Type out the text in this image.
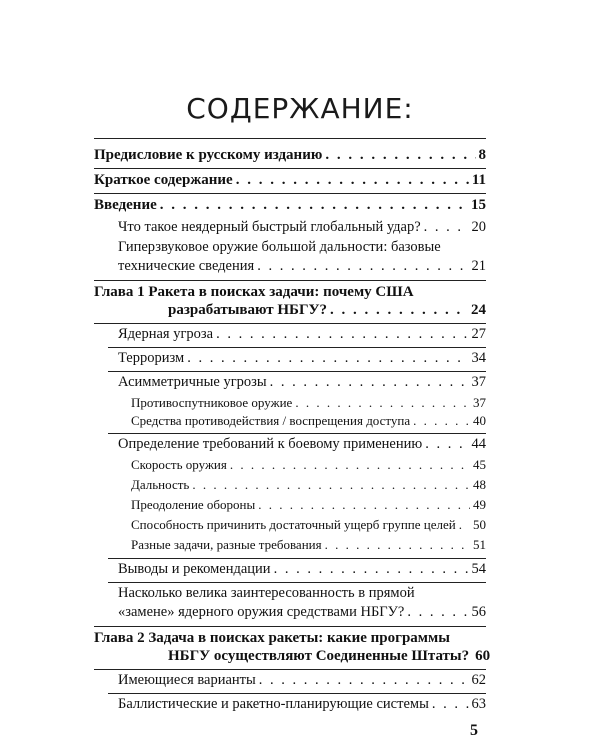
СОДЕРЖАНИЕ:
Предисловие к русскому изданию . . .	8
Краткое содержание . . .	11
Введение . . .	15
Что такое неядерный быстрый глобальный удар? . . .	20
Гиперзвуковое оружие большой дальности: базовые
технические сведения . . .	21
Глава 1 Ракета в поисках задачи: почему США
разрабатывают НБГУ? . . .	24
Ядерная угроза . . .	27
Терроризм . . .	34
Асимметричные угрозы . . .	37
Противоспутниковое оружие . . .	37
Средства противодействия / воспрещения доступа . . .	40
Определение требований к боевому применению . . .	44
Скорость оружия . . .	45
Дальность . . .	48
Преодоление обороны . . .	49
Способность причинить достаточный ущерб группе целей . . . 50
Разные задачи, разные требования . . .	51
Выводы и рекомендации . . .	54
Насколько велика заинтересованность в прямой
«замене» ядерного оружия средствами НБГУ? . . .	56
Глава 2 Задача в поисках ракеты: какие программы
НБГУ осуществляют Соединенные Штаты? 60
Имеющиеся варианты . . .	62
Баллистические и ракетно-планирующие системы . . .	63
5
